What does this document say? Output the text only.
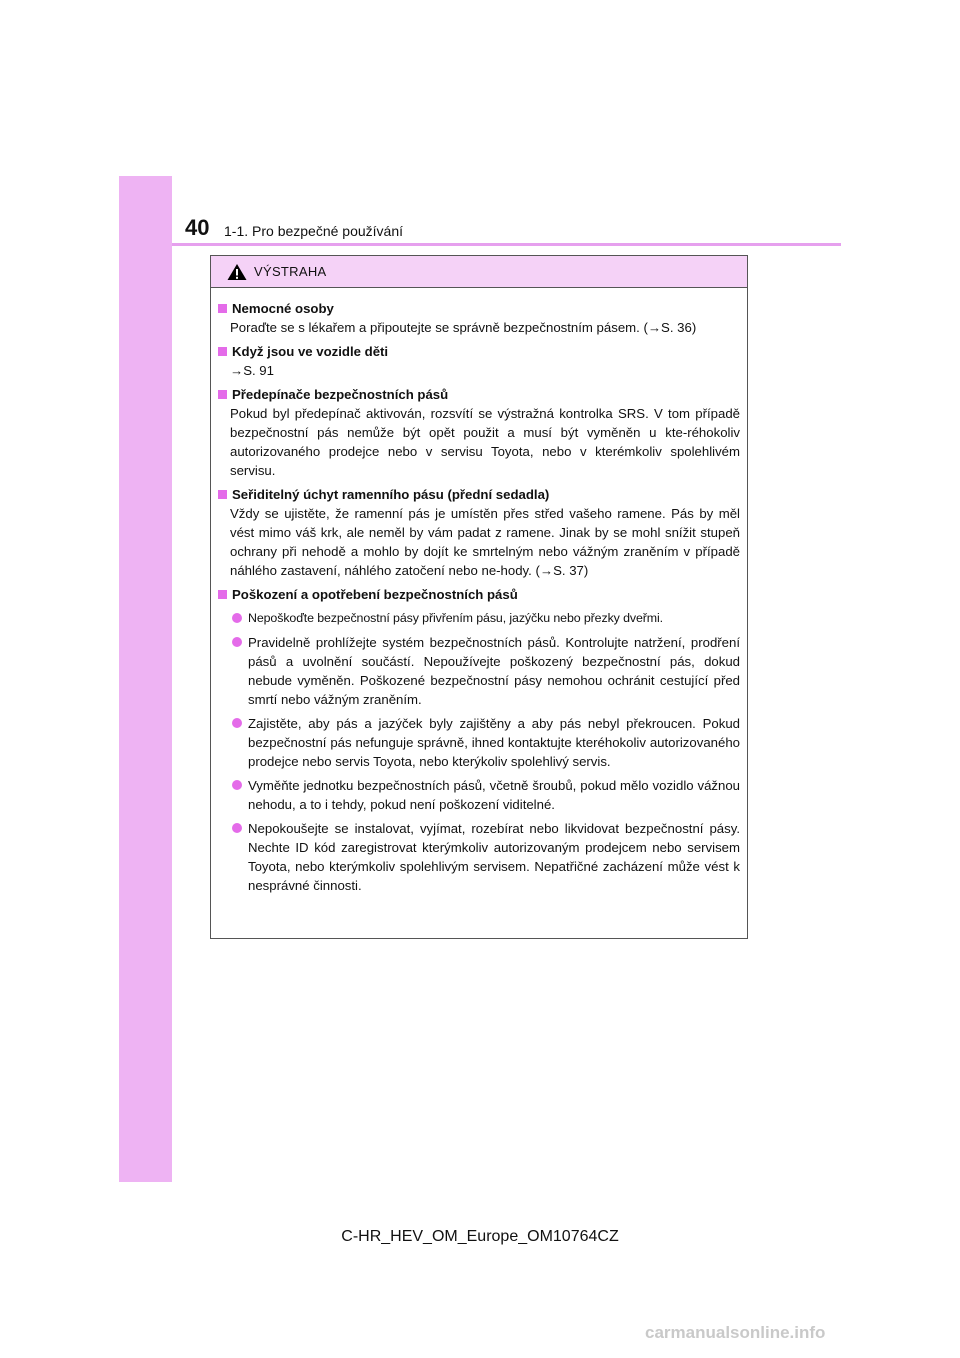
40 1-1. Pro bezpečné používání
VÝSTRAHA
Nemocné osoby
Poraďte se s lékařem a připoutejte se správně bezpečnostním pásem. (→S. 36)
Když jsou ve vozidle děti
→S. 91
Předepínače bezpečnostních pásů
Pokud byl předepínač aktivován, rozsvítí se výstražná kontrolka SRS. V tom případě bezpečnostní pás nemůže být opět použit a musí být vyměněn u kte-réhokoliv autorizovaného prodejce nebo v servisu Toyota, nebo v kterémkoliv spolehlivém servisu.
Seřiditelný úchyt ramenního pásu (přední sedadla)
Vždy se ujistěte, že ramenní pás je umístěn přes střed vašeho ramene. Pás by měl vést mimo váš krk, ale neměl by vám padat z ramene. Jinak by se mohl snížit stupeň ochrany při nehodě a mohlo by dojít ke smrtelným nebo vážným zraněním v případě náhlého zastavení, náhlého zatočení nebo ne-hody. (→S. 37)
Poškození a opotřebení bezpečnostních pásů
Nepoškoďte bezpečnostní pásy přivřením pásu, jazýčku nebo přezky dveřmi.
Pravidelně prohlížejte systém bezpečnostních pásů. Kontrolujte natržení, prodření pásů a uvolnění součástí. Nepoužívejte poškozený bezpečnostní pás, dokud nebude vyměněn. Poškozené bezpečnostní pásy nemohou ochránit cestující před smrtí nebo vážným zraněním.
Zajistěte, aby pás a jazýček byly zajištěny a aby pás nebyl překroucen. Pokud bezpečnostní pás nefunguje správně, ihned kontaktujte kteréhokoliv autorizovaného prodejce nebo servis Toyota, nebo kterýkoliv spolehlivý servis.
Vyměňte jednotku bezpečnostních pásů, včetně šroubů, pokud mělo vozidlo vážnou nehodu, a to i tehdy, pokud není poškození viditelné.
Nepokoušejte se instalovat, vyjímat, rozebírat nebo likvidovat bezpečnostní pásy. Nechte ID kód zaregistrovat kterýmkoliv autorizovaným prodejcem nebo servisem Toyota, nebo kterýmkoliv spolehlivým servisem. Nepatřičné zacházení může vést k nesprávné činnosti.
C-HR_HEV_OM_Europe_OM10764CZ
carmanualsonline.info
